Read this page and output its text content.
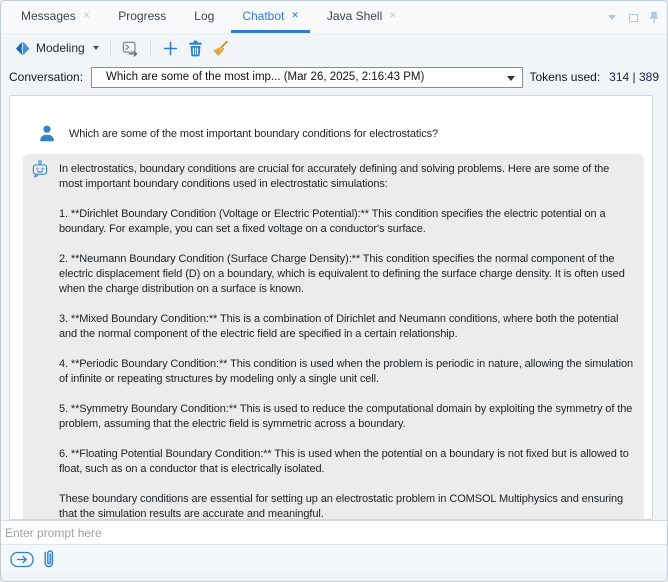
Messages ✕ Progress Log Chatbot ✕ Java Shell ✕
Modeling
Conversation: Which are some of the most imp... (Mar 26, 2025, 2:16:43 PM)	Tokens used: 314 | 389
Which are some of the most important boundary conditions for electrostatics?

In electrostatics, boundary conditions are crucial for accurately defining and solving problems. Here are some of the most important boundary conditions used in electrostatic simulations:

1. **Dirichlet Boundary Condition (Voltage or Electric Potential):** This condition specifies the electric potential on a boundary. For example, you can set a fixed voltage on a conductor's surface.

2. **Neumann Boundary Condition (Surface Charge Density):** This condition specifies the normal component of the electric displacement field (D) on a boundary, which is equivalent to defining the surface charge density. It is often used when the charge distribution on a surface is known.

3. **Mixed Boundary Condition:** This is a combination of Dirichlet and Neumann conditions, where both the potential and the normal component of the electric field are specified in a certain relationship.

4. **Periodic Boundary Condition:** This condition is used when the problem is periodic in nature, allowing the simulation of infinite or repeating structures by modeling only a single unit cell.

5. **Symmetry Boundary Condition:** This is used to reduce the computational domain by exploiting the symmetry of the problem, assuming that the electric field is symmetric across a boundary.

6. **Floating Potential Boundary Condition:** This is used when the potential on a boundary is not fixed but is allowed to float, such as on a conductor that is electrically isolated.

These boundary conditions are essential for setting up an electrostatic problem in COMSOL Multiphysics and ensuring that the simulation results are accurate and meaningful.

Enter prompt here
